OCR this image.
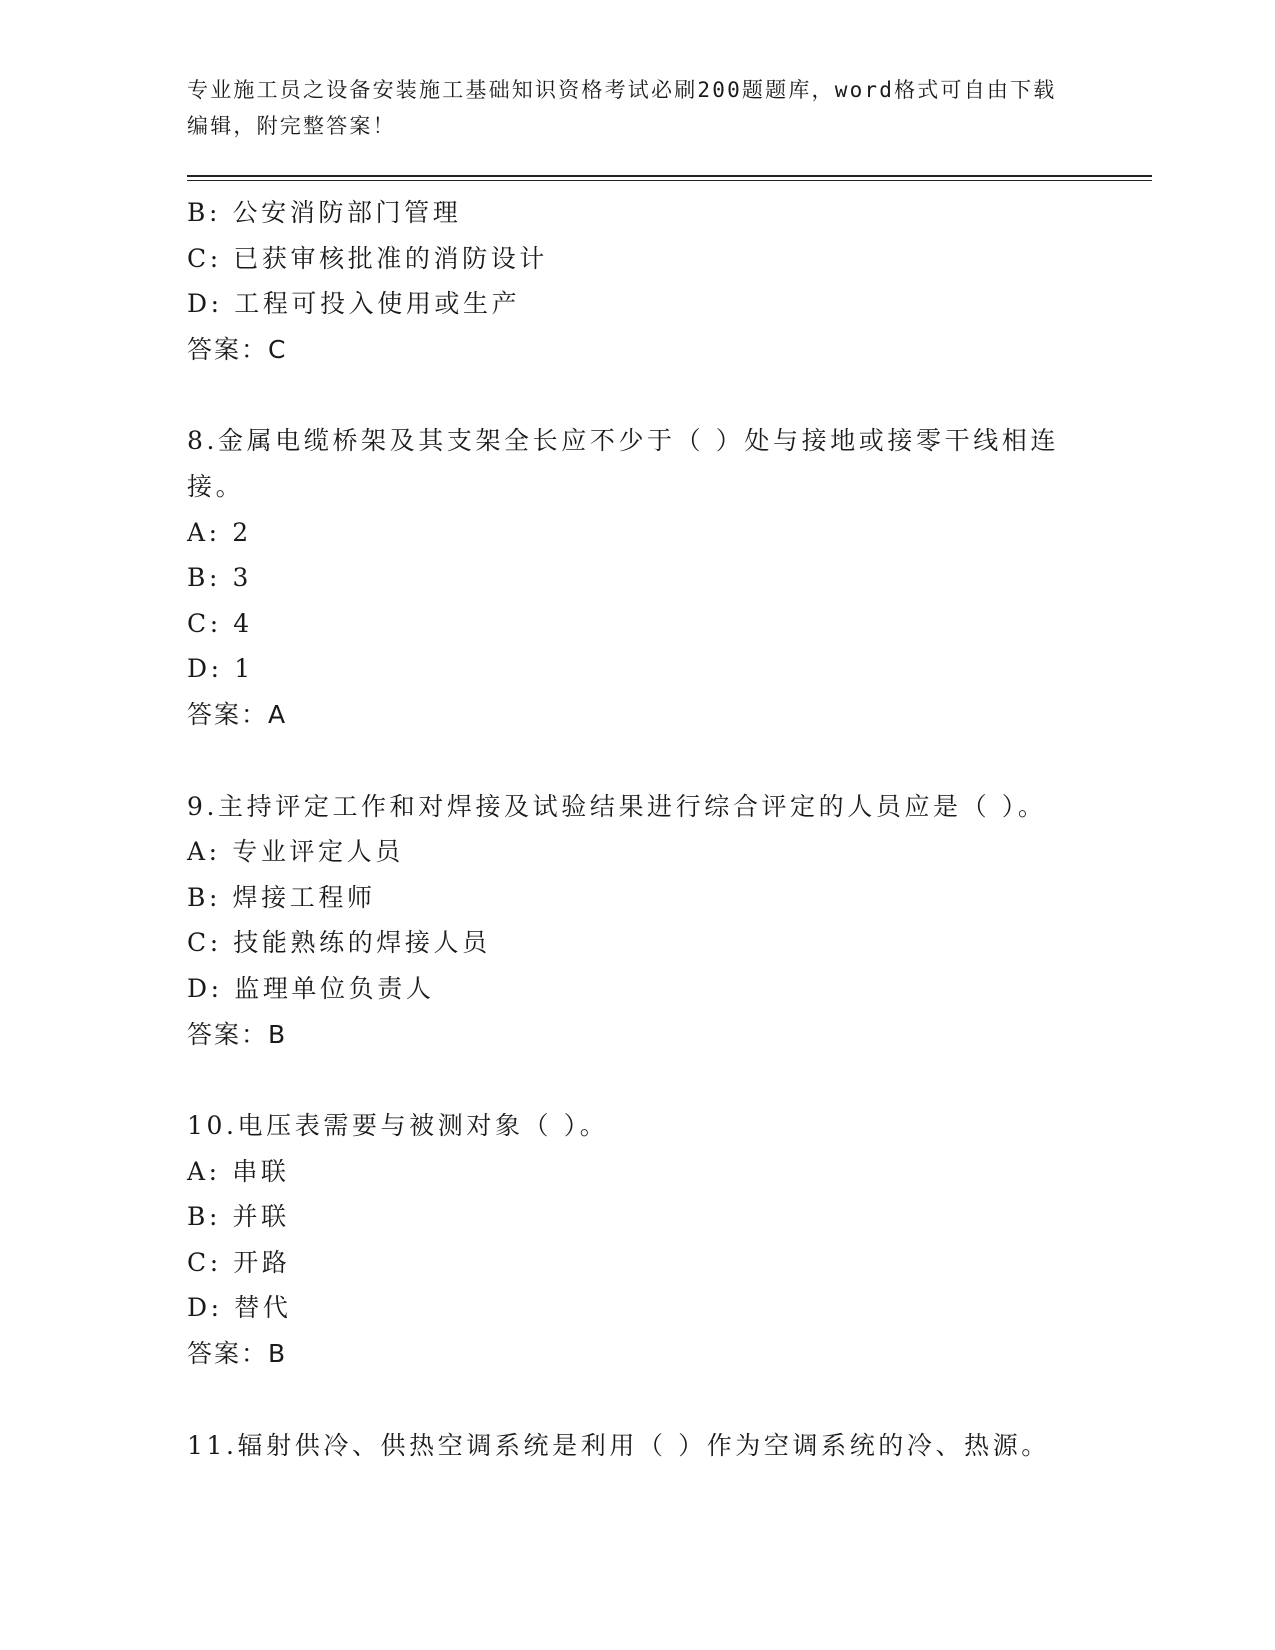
专业施工员之设备安装施工基础知识资格考试必刷200题题库，word格式可自由下载编辑，附完整答案！
B: 公安消防部门管理
C: 已获审核批准的消防设计
D: 工程可投入使用或生产
答案：C
8.金属电缆桥架及其支架全长应不少于（ ）处与接地或接零干线相连接。
A: 2
B: 3
C: 4
D: 1
答案：A
9.主持评定工作和对焊接及试验结果进行综合评定的人员应是（ ）。
A: 专业评定人员
B: 焊接工程师
C: 技能熟练的焊接人员
D: 监理单位负责人
答案：B
10.电压表需要与被测对象（ ）。
A: 串联
B: 并联
C: 开路
D: 替代
答案：B
11.辐射供冷、供热空调系统是利用（ ）作为空调系统的冷、热源。
